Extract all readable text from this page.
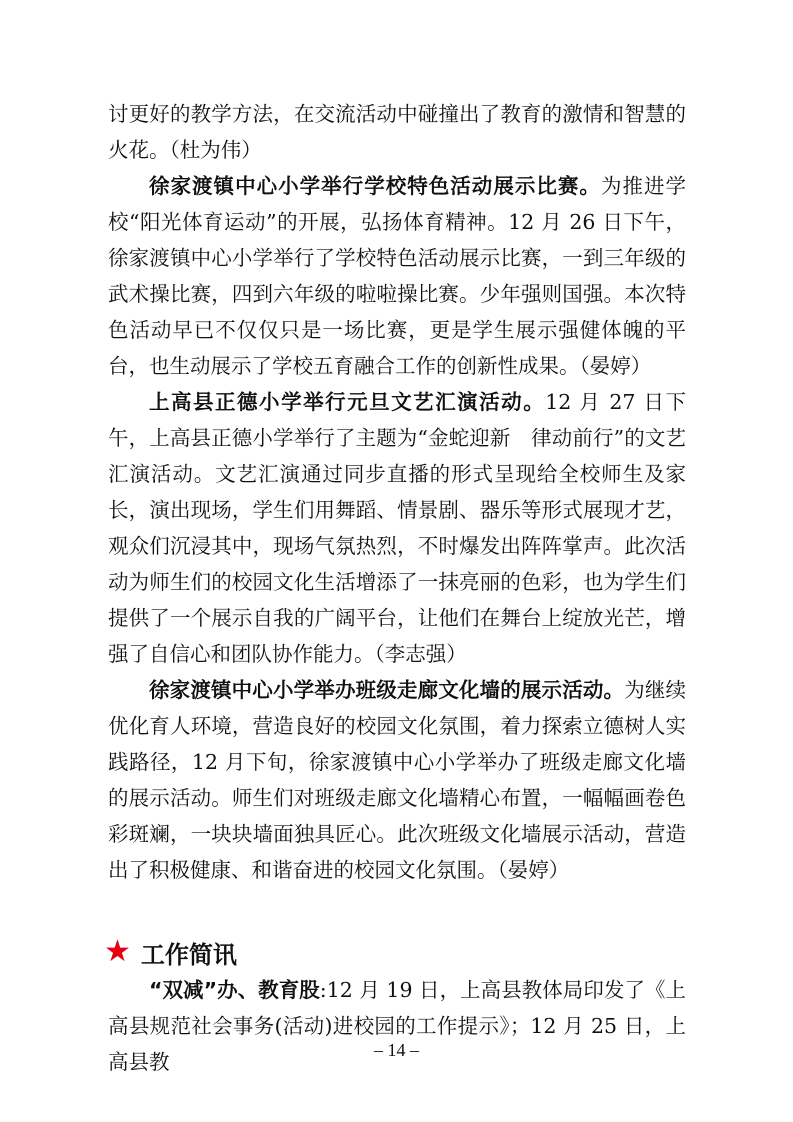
讨更好的教学方法，在交流活动中碰撞出了教育的激情和智慧的火花。（杜为伟）

徐家渡镇中心小学举行学校特色活动展示比赛。为推进学校“阳光体育运动”的开展，弘扬体育精神。12 月 26 日下午，徐家渡镇中心小学举行了学校特色活动展示比赛，一到三年级的武术操比赛，四到六年级的啦啦操比赛。少年强则国强。本次特色活动早已不仅仅只是一场比赛，更是学生展示强健体魄的平台，也生动展示了学校五育融合工作的创新性成果。（晏婷）

上高县正德小学举行元旦文艺汇演活动。12 月 27 日下午，上高县正德小学举行了主题为“金蛇迎新　律动前行”的文艺汇演活动。文艺汇演通过同步直播的形式呈现给全校师生及家长，演出现场，学生们用舞蹈、情景剧、器乐等形式展现才艺，观众们沉浸其中，现场气氛热烈，不时爆发出阵阵掌声。此次活动为师生们的校园文化生活增添了一抹亮丽的色彩，也为学生们提供了一个展示自我的广阔平台，让他们在舞台上绽放光芒，增强了自信心和团队协作能力。（李志强）

徐家渡镇中心小学举办班级走廊文化墙的展示活动。为继续优化育人环境，营造良好的校园文化氛围，着力探索立德树人实践路径，12 月下旬，徐家渡镇中心小学举办了班级走廊文化墙的展示活动。师生们对班级走廊文化墙精心布置，一幅幅画卷色彩斑斓，一块块墙面独具匠心。此次班级文化墙展示活动，营造出了积极健康、和谐奋进的校园文化氛围。（晏婷）

★ 工作简讯

“双减”办、教育股:12 月 19 日，上高县教体局印发了《上高县规范社会事务(活动)进校园的工作提示》；12 月 25 日，上高县教	– 14 –
